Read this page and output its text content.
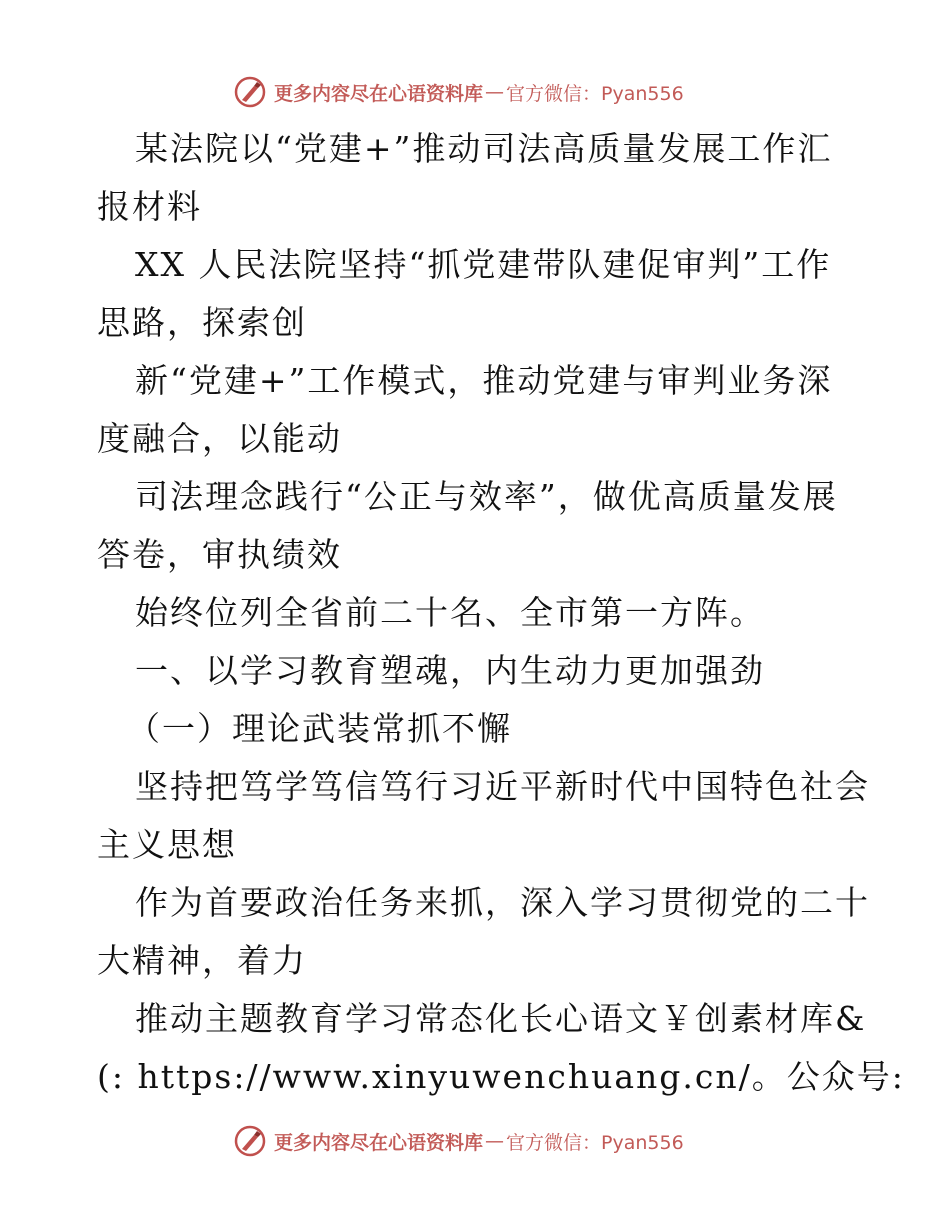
更多内容尽在心语资料库 — 官方微信：Pyan556
某法院以“党建+”推动司法高质量发展工作汇
报材料
XX 人民法院坚持“抓党建带队建促审判”工作
思路，探索创
新“党建+”工作模式，推动党建与审判业务深
度融合，以能动
司法理念践行“公正与效率”，做优高质量发展
答卷，审执绩效
始终位列全省前二十名、全市第一方阵。
一、以学习教育塑魂，内生动力更加强劲
（一）理论武装常抓不懈
坚持把笃学笃信笃行习近平新时代中国特色社会
主义思想
作为首要政治任务来抓，深入学习贯彻党的二十
大精神，着力
推动主题教育学习常态化长心语文￥创素材库&
(: https://www.xinyuwenchuang.cn/。公众号:
更多内容尽在心语资料库 — 官方微信：Pyan556
